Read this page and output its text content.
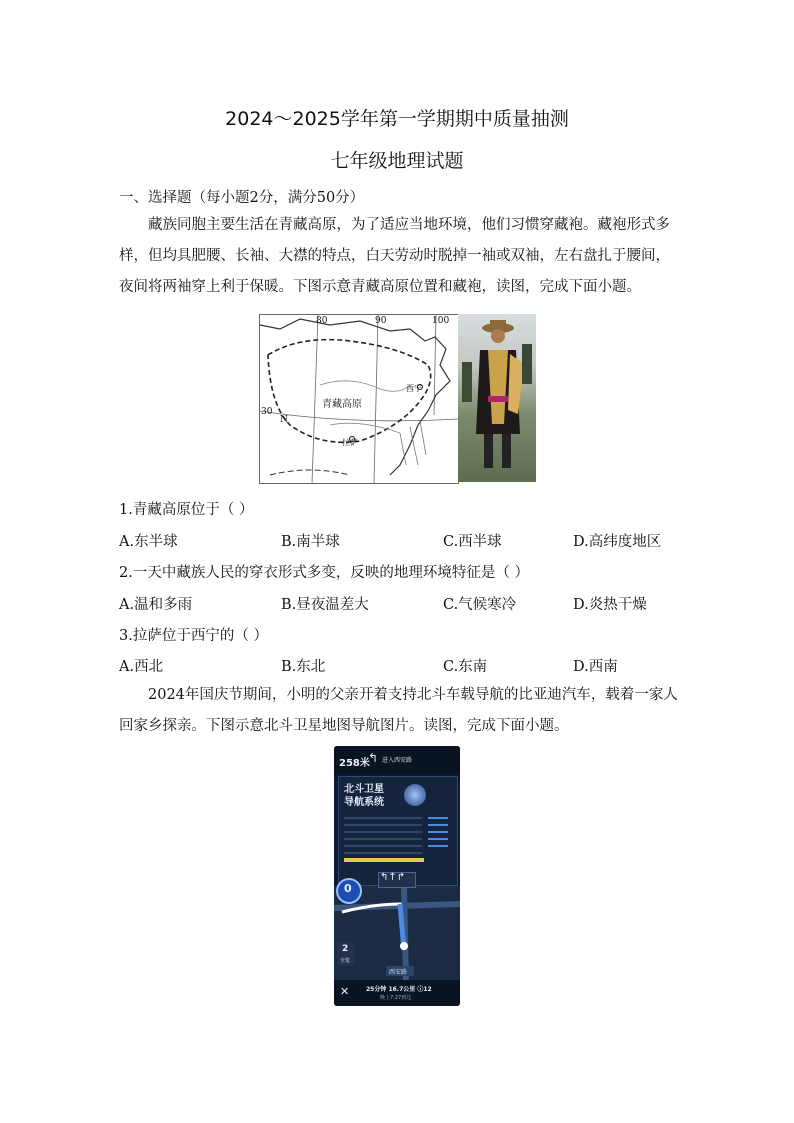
2024～2025学年第一学期期中质量抽测
七年级地理试题
一、选择题（每小题2分，满分50分）
藏族同胞主要生活在青藏高原，为了适应当地环境，他们习惯穿藏袍。藏袍形式多样，但均具肥腰、长袖、大襟的特点，白天劳动时脱掉一袖或双袖，左右盘扎于腰间，夜间将两袖穿上利于保暖。下图示意青藏高原位置和藏袍，读图，完成下面小题。
80	90	100
30
N
青藏高原
西宁
拉萨
1.青藏高原位于（ ）
A.东半球	B.南半球	C.西半球	D.高纬度地区
2.一天中藏族人民的穿衣形式多变，反映的地理环境特征是（ ）
A.温和多雨	B.昼夜温差大	C.气候寒冷	D.炎热干燥
3.拉萨位于西宁的（ ）
A.西北	B.东北	C.东南	D.西南
2024年国庆节期间，小明的父亲开着支持北斗车载导航的比亚迪汽车，载着一家人回家乡探亲。下图示意北斗卫星地图导航图片。读图，完成下面小题。
258米
↰ 进入西安路
北斗卫星
导航系统
↰↑↱
0
2
全览
西安路
✕	25分钟 16.7公里 ⓘ12
晚上7:27到达
